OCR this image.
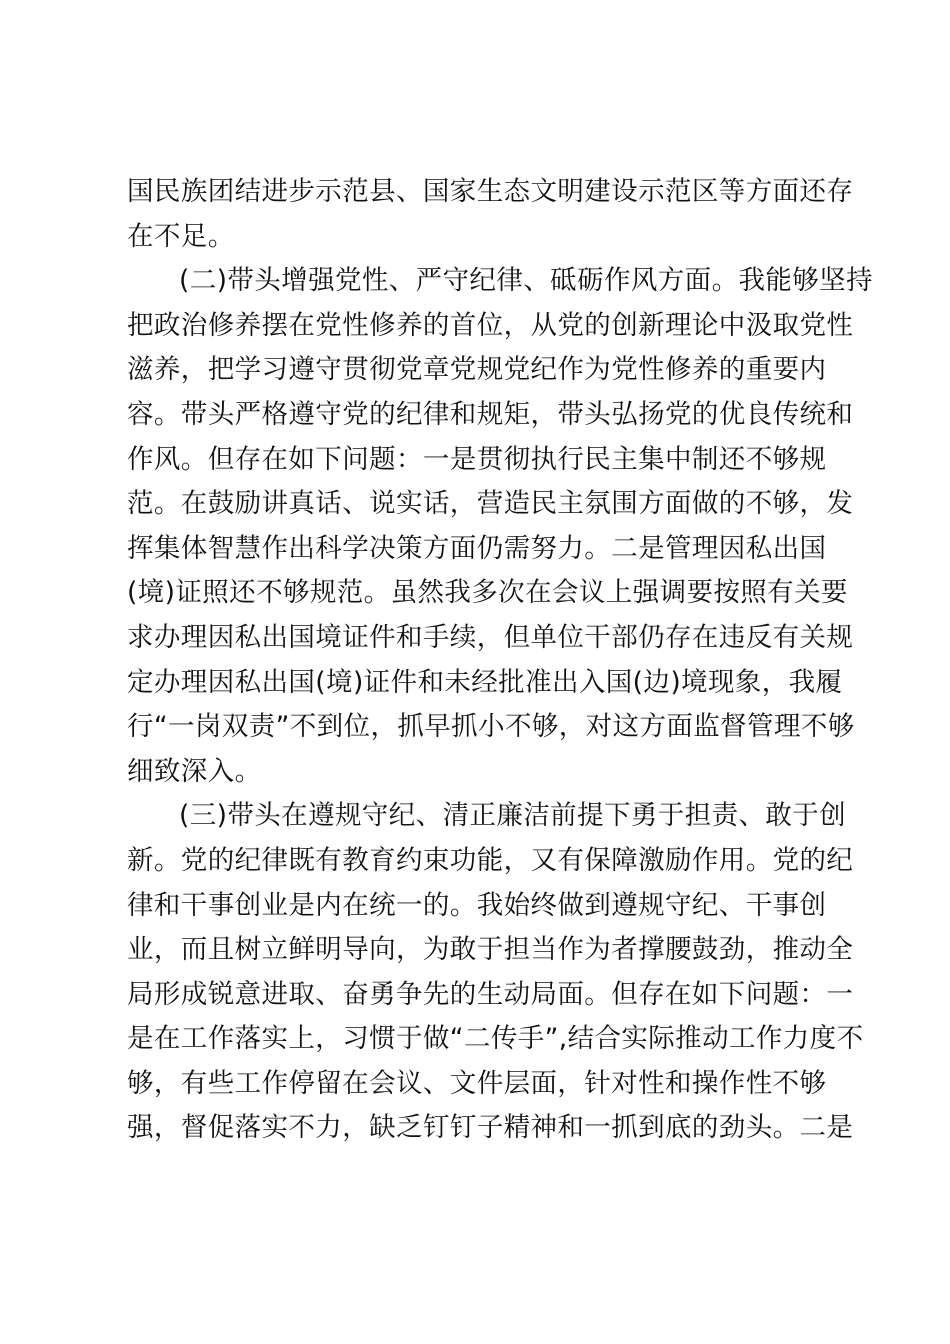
国民族团结进步示范县、国家生态文明建设示范区等方面还存
在不足。

(二)带头增强党性、严守纪律、砥砺作风方面。我能够坚持
把政治修养摆在党性修养的首位，从党的创新理论中汲取党性
滋养，把学习遵守贯彻党章党规党纪作为党性修养的重要内
容。带头严格遵守党的纪律和规矩，带头弘扬党的优良传统和
作风。但存在如下问题：一是贯彻执行民主集中制还不够规
范。在鼓励讲真话、说实话，营造民主氛围方面做的不够，发
挥集体智慧作出科学决策方面仍需努力。二是管理因私出国
(境)证照还不够规范。虽然我多次在会议上强调要按照有关要
求办理因私出国境证件和手续，但单位干部仍存在违反有关规
定办理因私出国(境)证件和未经批准出入国(边)境现象，我履
行“一岗双责”不到位，抓早抓小不够，对这方面监督管理不够
细致深入。

(三)带头在遵规守纪、清正廉洁前提下勇于担责、敢于创
新。党的纪律既有教育约束功能，又有保障激励作用。党的纪
律和干事创业是内在统一的。我始终做到遵规守纪、干事创
业，而且树立鲜明导向，为敢于担当作为者撑腰鼓劲，推动全
局形成锐意进取、奋勇争先的生动局面。但存在如下问题：一
是在工作落实上，习惯于做“二传手”,结合实际推动工作力度不
够，有些工作停留在会议、文件层面，针对性和操作性不够
强，督促落实不力，缺乏钉钉子精神和一抓到底的劲头。二是
